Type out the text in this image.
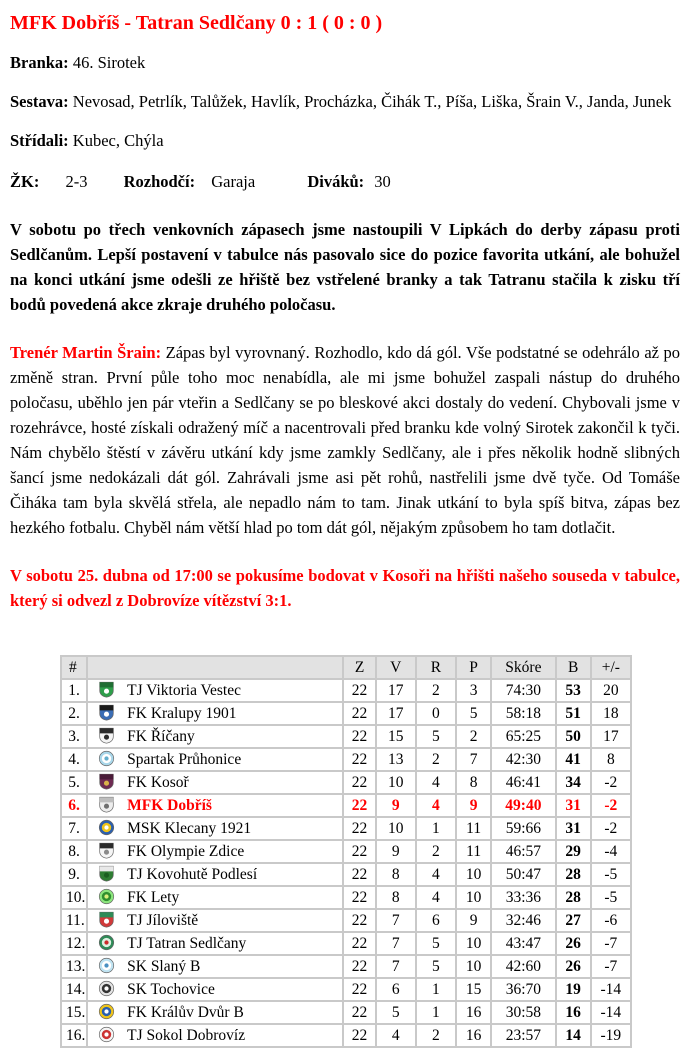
MFK Dobříš - Tatran Sedlčany 0 : 1 ( 0 : 0 )

Branka: 46. Sirotek

Sestava: Nevosad, Petrlík, Talůžek, Havlík, Procházka, Čihák T., Píša, Liška, Šrain V., Janda, Junek

Střídali: Kubec, Chýla

ŽK: 2-3 Rozhodčí: Garaja	Diváků: 30

V sobotu po třech venkovních zápasech jsme nastoupili V Lipkách do derby zápasu proti Sedlčanům. Lepší postavení v tabulce nás pasovalo sice do pozice favorita utkání, ale bohužel na konci utkání jsme odešli ze hřiště bez vstřelené branky a tak Tatranu stačila k zisku tří bodů povedená akce zkraje druhého poločasu.

Trenér Martin Šrain: Zápas byl vyrovnaný. Rozhodlo, kdo dá gól. Vše podstatné se odehrálo až po změně stran. První půle toho moc nenabídla, ale mi jsme bohužel zaspali nástup do druhého poločasu, uběhlo jen pár vteřin a Sedlčany se po bleskové akci dostaly do vedení. Chybovali jsme v rozehrávce, hosté získali odražený míč a nacentrovali před branku kde volný Sirotek zakončil k tyči. Nám chybělo štěstí v závěru utkání kdy jsme zamkly Sedlčany, ale i přes několik hodně slibných šancí jsme nedokázali dát gól. Zahrávali jsme asi pět rohů, nastřelili jsme dvě tyče. Od Tomáše Čiháka tam byla skvělá střela, ale nepadlo nám to tam. Jinak utkání to byla spíš bitva, zápas bez hezkého fotbalu. Chyběl nám větší hlad po tom dát gól, nějakým způsobem ho tam dotlačit.

V sobotu 25. dubna od 17:00 se pokusíme bodovat v Kosoři na hřišti našeho souseda v tabulce, který si odvezl z Dobrovíze vítězství 3:1.

#		Z	V	R	P	Skóre	B	+/-
1.	TJ Viktoria Vestec	22	17	2	3	74:30	53	20
2.	FK Kralupy 1901	22	17	0	5	58:18	51	18
3.	FK Říčany	22	15	5	2	65:25	50	17
4.	Spartak Průhonice	22	13	2	7	42:30	41	8
5.	FK Kosoř	22	10	4	8	46:41	34	-2
6.	MFK Dobříš	22	9	4	9	49:40	31	-2
7.	MSK Klecany 1921	22	10	1	11	59:66	31	-2
8.	FK Olympie Zdice	22	9	2	11	46:57	29	-4
9.	TJ Kovohutě Podlesí	22	8	4	10	50:47	28	-5
10.	FK Lety	22	8	4	10	33:36	28	-5
11.	TJ Jíloviště	22	7	6	9	32:46	27	-6
12.	TJ Tatran Sedlčany	22	7	5	10	43:47	26	-7
13.	SK Slaný B	22	7	5	10	42:60	26	-7
14.	SK Tochovice	22	6	1	15	36:70	19	-14
15.	FK Králův Dvůr B	22	5	1	16	30:58	16	-14
16.	TJ Sokol Dobrovíz	22	4	2	16	23:57	14	-19
